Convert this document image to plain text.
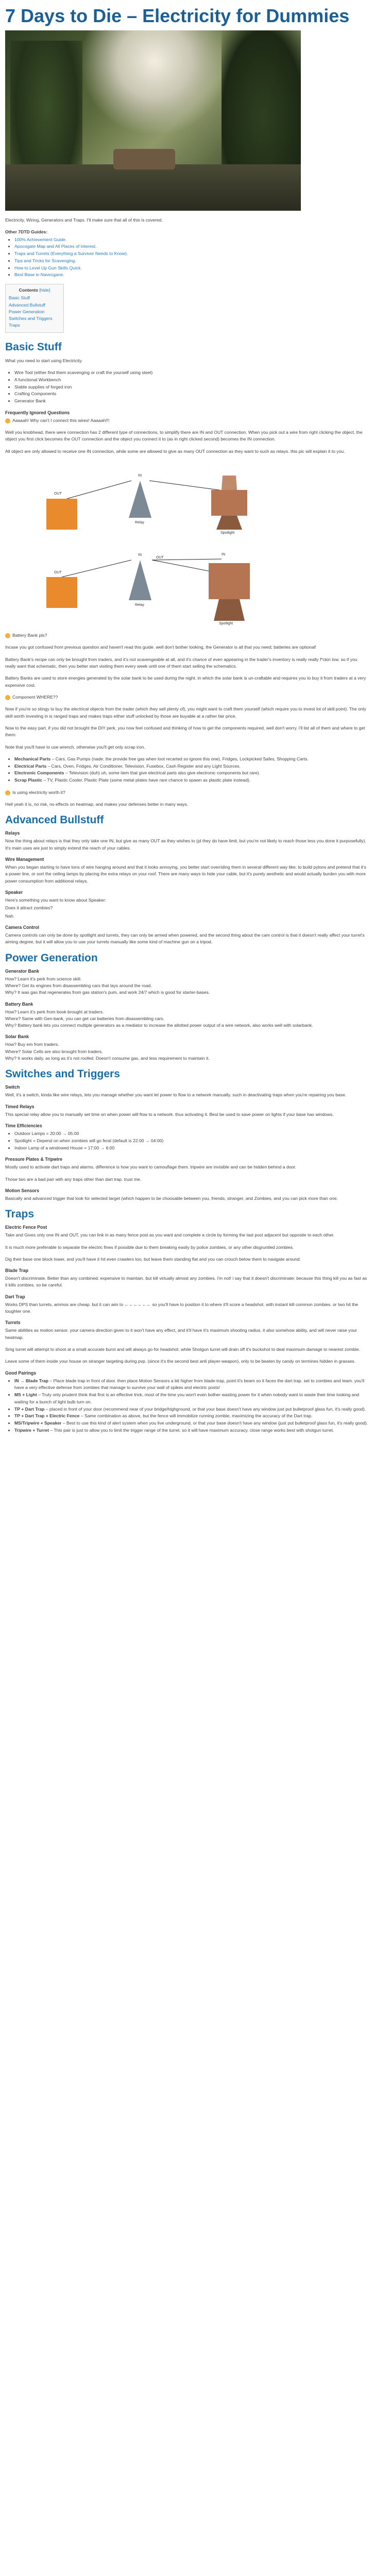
7 Days to Die – Electricity for Dummies

Electricity, Wiring, Generators and Traps. I'll make sure that all of this is covered.

Other 7DTD Guides:
• 100% Achievement Guide.
• Apocogate Map and All Places of Interest.
• Traps and Turrets (Everything a Survivor Needs to Know).
• Tips and Tricks for Scavenging.
• How to Level Up Gun Skills Quick.
• Best Base in Navezgane.
Contents [hide]
Basic Stuff
Advanced Bullstuff
Power Generation
Switches and Triggers
Traps
Basic Stuff

What you need to start using Electricity.

• Wire Tool (either find them scavenging or craft the yourself using steel)
• A functional Workbench
• Stable supplies of forged iron
• Crafting Components
• Generator Bank
Frequently Ignored Questions

Aaaaah! Why can't I connect this wires! Aaaaah!!!

Well you knobhead, there were connection has 2 different type of connections, to simplify there are IN and OUT connection. When you pick out a wire from right clicking the object, the object you first click becomes the OUT connection and the object you connect it to (as in right clicked second) becomes the IN connection.

All object are only allowed to receive one IN connection, while some are allowed to give as many OUT connection as they want to such as relays. this pic will explain it to you.

OUT
IN
Relay
Spotlight
OUT
IN
OUT
IN
Relay
Spotlight

Battery Bank pls?

Incase you got confused from previous question and haven't read this guide. well don't bother looking, the Generator is all that you need; batteries are optional!

Battery Bank's recipe can only be brought from traders, and it's not scavengeable at all, and it's chance of even appearing in the trader's inventory is really really f*ckin low. so if you really want that schematic, then you better start visiting them every week until one of them start selling the schematics.

Battery Banks are used to store energies generated by the solar bank to be used during the night. in which the solar bank is un-craftable and requires you to buy it from traders at a very expensive cost.

Component WHERE??

Now if you're so stingy to buy the electrical objects from the trader (which they sell plenty of), you might want to craft them yourself (which require you to invest lot of skill point). The only skill worth investing in is ranged traps and makes traps either stuff unlocked by those are buyable at a rather fair price.

Now to the easy part, if you did not brought the DIY perk, you now feel confused and thinking of how to get the components required, well don't worry. i'll list all of them and where to get them:

Note that you'll have to use wrench. otherwise you'll get only scrap iron.

• Mechanical Parts – Cars, Gas Pumps (nade: the provide free gas when loot recarted so ignore this one), Fridges, Lockpicked Safes, Shopping Carts.
• Electrical Parts – Cars, Oven, Fridges, Air Conditioner, Television, Fusebox, Cash Register and any Light Sources.
• Electronic Components – Television (duh) uh, some item that give electrical parts also give electronic components but rare).
• Scrap Plastic – TV, Plastic Cooler, Plastic Plate (some metal plates have rare chance to spawn as plastic plate instead).

Is using electricity worth it?

Hell yeah it is, no risk, no effects on heatmap, and makes your defenses better in many ways.

Advanced Bullstuff
Relays

Now the thing about relays is that they only take one IN, but give as many OUT as they wishes to (pl they do have limit, but you're not likely to reach those less you done it purposefully). It's main uses are just to simply extend the reach of your cables.

Wire Management

When you began starting to have tons of wire hanging around and that it looks annoying, you better start overriding them in several different way like; to build pylons and pretend that it's a power line, or sort the ceiling lamps by placing the extra relays on your roof. There are many ways to hide your cable, but it's purely aesthetic and would actually burden you with more power consumption from additional relays.

Speaker

Here's something you want to know about Speaker:

Does it attract zombies?

Nah.

Camera Control

Camera controls can only be done by spotlight and turrets, they can only be armed when powered, and the second thing about the cam control is that it doesn't really affect your turret's aiming degree, but it will allow you to use your turrets manually like some kind of machine gun on a tripod.

Power Generation
Generator Bank

How? Learn it's perk from science skill.
Where? Get its engines from disassembling cars that lays around the road.
Why? It was gas that regenerates from gas station's pum, and work 24/7 which is good for starter-bases.

Battery Bank

How? Learn it's perk from book brought at traders.
Where? Same with Gen-bank, you can get car batteries from disassembling cars.
Why? Battery bank lets you connect multiple generators as a mediator to increase the allotted power output of a wire network, also works well with solarbank.

Solar Bank

How? Buy em from traders.
Where? Solar Cells are also brought from traders.
Why? It works daily, as long as it's not roofed. Doesn't consume gas, and less requirement to maintain it.

Switches and Triggers
Switch

Well, it's a switch, kinda like wire relays, lets you manage whether you want let power to flow to a network manually. such in deactivating traps when you're repairing you base.

Timed Relays

This special relay allow you to manually set time on when power will flow to a network. thus activating it. Best be used to save power on lights if your base has windows.

Time Efficiencies
• Outdoor Lamps = 20:00 → 05:00
• Spotlight = Depend on when zombies will go feral (default is 22:00 → 04:00)
• Indoor Lamp of a windowed House = 17:00 → 6:00
Pressure Plates & Tripwire

Mostly used to activate dart traps and alarms. difference is how you want to camouflage them. tripwire are invisible and can be hidden behind a door.

Those two are a bad pair with any traps other than dart trap. trust me.

Motion Sensors

Basically and advanced trigger that look for selected target (which happen to be choosable between you, friends, stranger, and Zombies, and you can pick more than one.

Traps
Electric Fence Post

Take and Gives only one IN and OUT, you can link in as many fence post as you want and complete a circle by forming the last post adjacent but opposite to each other.

It is much more preferable to separate the electric fines if possible due to them breaking easily by police zombies, or any other disgruntled zombies.

Dig their base one block lower, and you'll have it hit even crawlers too, but leave them standing flat and you can crouch below them to navigate around.

Blade Trap

Doesn't discriminate. Better than any combined: expensive to maintain. but kill virtually almost any zombies. i'm not! i say that it doesn't discriminate: because this thing kill you as fast as it kills zombies. so be careful.

Dart Trap

Works DPS than turrets, ammos are cheap. but it can aim to ←←←←←← so you'll have to position it to where it'll score a headshot. with instant kill common zombies. or two hit the toughter one.

Turrets

Same abilities as motion sensor. your camera direction given to it won't have any effect, and it'll have it's maximum shooting radius. it also somehow ability, and will never raise your heatmap.

Smg turret will attempt to shoot at a small accurate burst and will always go for headshot. while Shotgun turret will drain off it's buckshot to deal maximum damage to nearest zombie.

Leave some of them inside your house on stranger targeting during pvp. (since it's the second best anti player-weapon), only to be beaten by candy on termines hidden in grasses.

Good Pairings
• IN → Blade Trap – Place blade trap in front of door. then place Motion Sensors a bit higher from blade-trap, point it's beam so it faces the dart trap. set to zombies and team. you'll have a very effective defense from zombies that manage to survive your wall of spikes and electric posts!
• MS + Light – Truly only prudent think that first is an effective trick, most of the time you won't even bother wasting power for it when nobody want to waste their time looking and waiting for a bunch of light bulb turn on.
• TP + Dart Trap – placed in front of your door (recommend near of your bridge/highground, or that your base doesn't have any window just put bulletproof glass fun, it's really good).
• TP + Dart Trap + Electric Fence – Same combination as above, but the fence will immobilize running zombie, maximizing the accuracy of the Dart trap.
• MS/Tripwire + Speaker – Best to use this kind of alert system when you live underground, or that your base doesn't have any window (just put bulletproof glass fun, it's really good).
• Tripwire + Turret – This pair is just to allow you to limit the trigger range of the turret. so it will have maximum accuracy. close range works best with shotgun turret.
